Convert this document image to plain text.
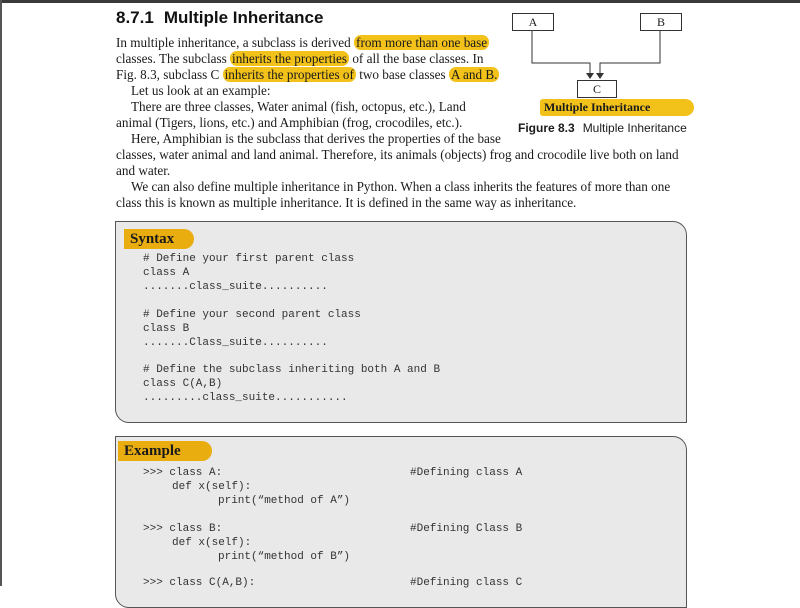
8.7.1 Multiple Inheritance
In multiple inheritance, a subclass is derived from more than one base
classes. The subclass inherits the properties of all the base classes. In
Fig. 8.3, subclass C inherits the properties of two base classes A and B.
Let us look at an example:
There are three classes, Water animal (fish, octopus, etc.), Land
animal (Tigers, lions, etc.) and Amphibian (frog, crocodiles, etc.).
Here, Amphibian is the subclass that derives the properties of the base
classes, water animal and land animal. Therefore, its animals (objects) frog and crocodile live both on land
and water.
We can also define multiple inheritance in Python. When a class inherits the features of more than one
class this is known as multiple inheritance. It is defined in the same way as inheritance.
A	B
C
Multiple Inheritance
Figure 8.3 Multiple Inheritance
Syntax
# Define your first parent class
class A
.......class_suite..........
# Define your second parent class
class B
.......Class_suite..........
# Define the subclass inheriting both A and B
class C(A,B)
.........class_suite...........
Example
>>> class A:	#Defining class A
def x(self):
print(“method of A”)
>>> class B:	#Defining Class B
def x(self):
print(“method of B”)
>>> class C(A,B):	#Defining class C
